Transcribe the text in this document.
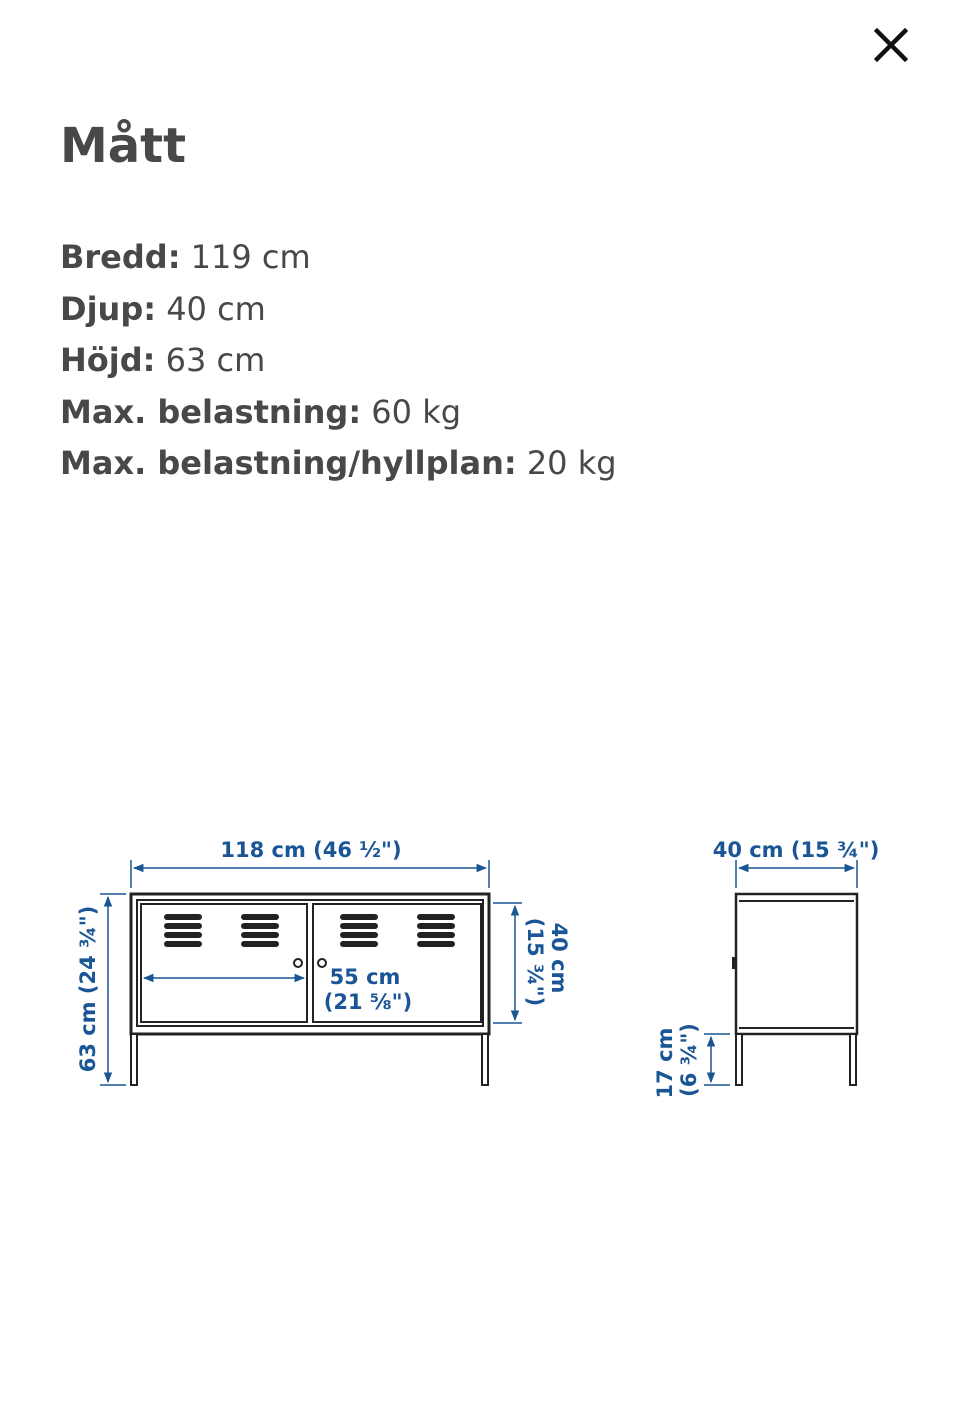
Mått
Bredd: 119 cm
Djup: 40 cm
Höjd: 63 cm
Max. belastning: 60 kg
Max. belastning/hyllplan: 20 kg
118 cm (46 ½")
63 cm (24 ¾")	55 cm
(21 ⅝")
40 cm
(15 ¾")
40 cm (15 ¾")
17 cm (6 ¾")
